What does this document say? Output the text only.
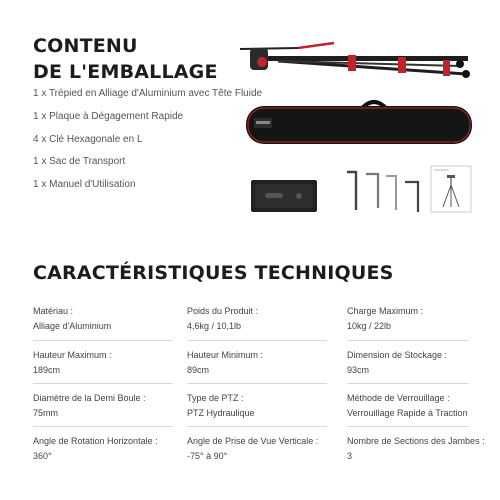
CONTENU
DE L'EMBALLAGE
1 x Trépied en Alliage d'Aluminium avec Tête Fluide
1 x Plaque à Dégagement Rapide
4 x Clé Hexagonale en L
1 x Sac de Transport
1 x Manuel d'Utilisation
CARACTÉRISTIQUES TECHNIQUES
Matériau :
Alliage d'Aluminium
Poids du Produit :
4,6kg / 10,1lb
Charge Maximum :
10kg / 22lb
Hauteur Maximum :
189cm
Hauteur Minimum :
89cm
Dimension de Stockage :
93cm
Diamètre de la Demi Boule :
75mm
Type de PTZ :
PTZ Hydraulique
Méthode de Verrouillage :
Verrouillage Rapide à Traction
Angle de Rotation Horizontale :
360°
Angle de Prise de Vue Verticale :
-75° à 90°
Nombre de Sections des Jambes :
3
